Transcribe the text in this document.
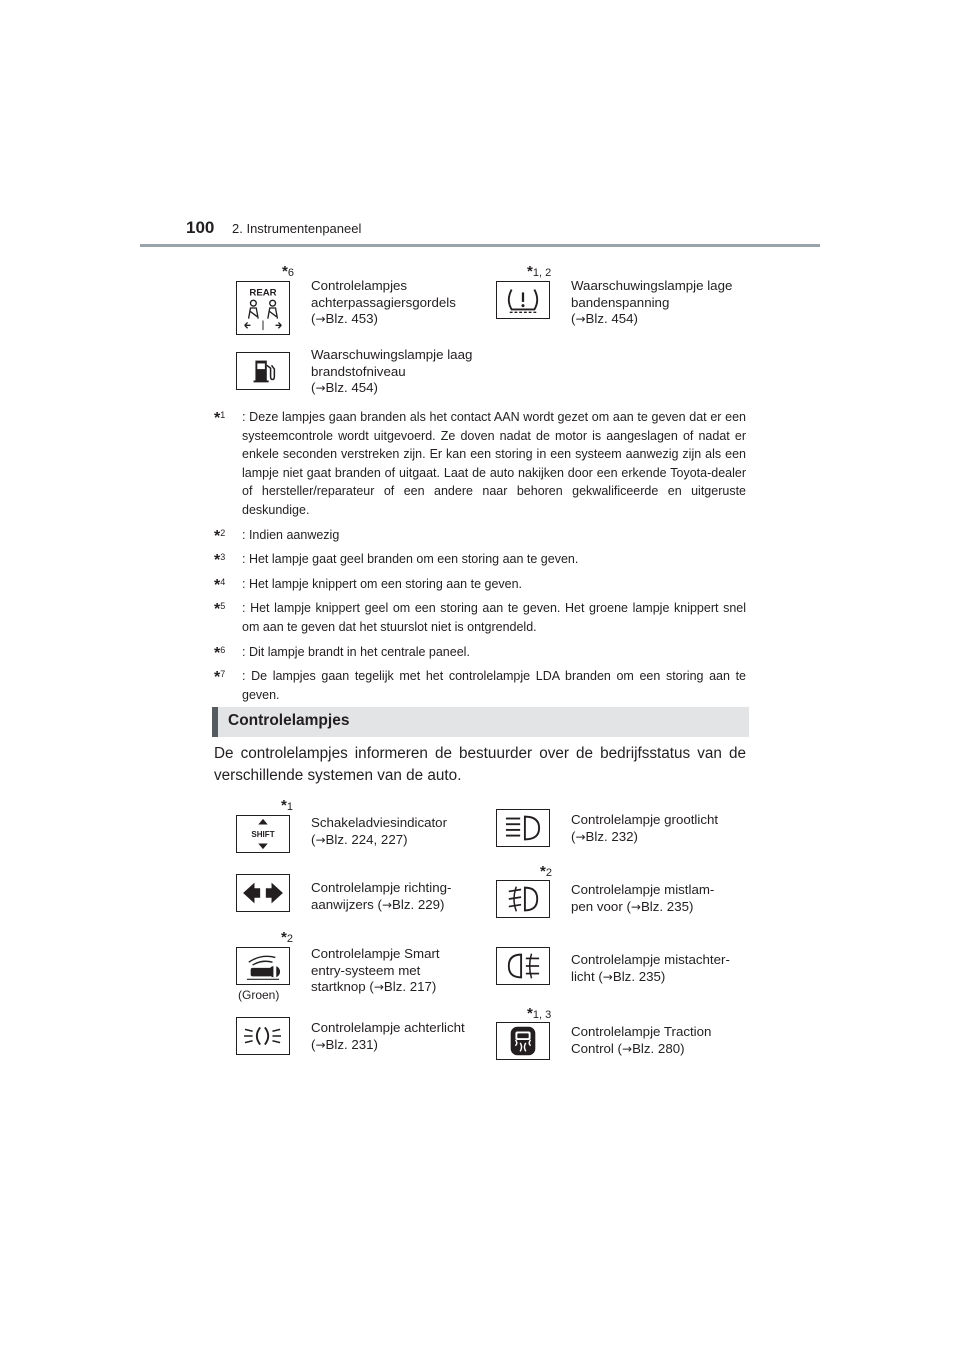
100 2. Instrumentenpaneel
*6
REAR	Controlelampjes
achterpassagiersgordels
(→Blz. 453)
*1, 2
Waarschuwingslampje lage
bandenspanning
(→Blz. 454)
Waarschuwingslampje laag
brandstofniveau
(→Blz. 454)
*$^1$ : Deze lampjes gaan branden als het contact AAN wordt gezet om aan te geven dat er een systeemcontrole wordt uitgevoerd. Ze doven nadat de motor is aangeslagen of nadat er enkele seconden verstreken zijn. Er kan een storing in een systeem aanwezig zijn als een lampje niet gaat branden of uitgaat. Laat de auto nakijken door een erkende Toyota-dealer of hersteller/reparateur of een andere naar behoren gekwalificeerde en uitgeruste deskundige.
*$^2$ : Indien aanwezig
*$^3$ : Het lampje gaat geel branden om een storing aan te geven.
*$^4$ : Het lampje knippert om een storing aan te geven.
*$^5$ : Het lampje knippert geel om een storing aan te geven. Het groene lampje knippert snel om aan te geven dat het stuurslot niet is ontgrendeld.
*$^6$ : Dit lampje brandt in het centrale paneel.
*$^7$ : De lampjes gaan tegelijk met het controlelampje LDA branden om een storing aan te geven.
Controlelampjes
De controlelampjes informeren de bestuurder over de bedrijfsstatus van de verschillende systemen van de auto.
*1
SHIFT
Schakeladviesindicator
(→Blz. 224, 227)
Controlelampje grootlicht
(→Blz. 232)
Controlelampje richting-
aanwijzers (→Blz. 229)
*2
Controlelampje mistlam-
pen voor (→Blz. 235)
*2
(Groen)
Controlelampje Smart
entry-systeem met
startknop (→Blz. 217)
Controlelampje mistachter-
licht (→Blz. 235)
Controlelampje achterlicht
(→Blz. 231)
*1, 3
Controlelampje Traction
Control (→Blz. 280)
